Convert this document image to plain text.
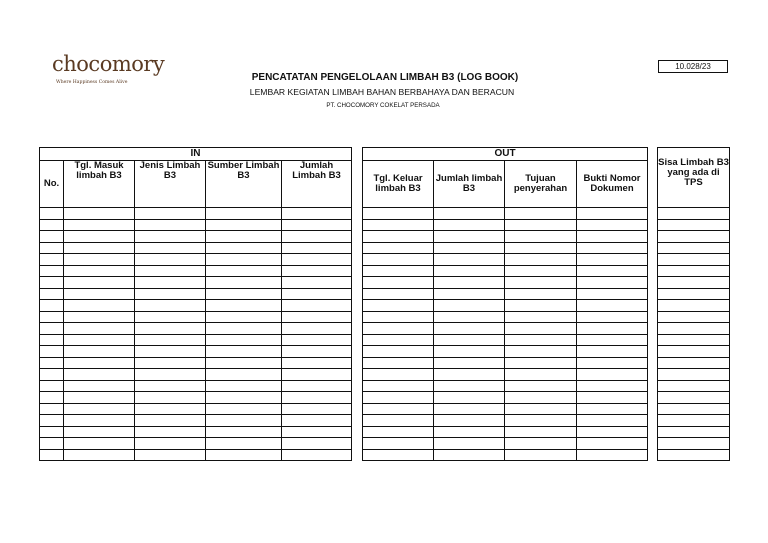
chocomory
Where Happiness Comes Alive
10.028/23
PENCATATAN PENGELOLAAN LIMBAH B3 (LOG BOOK)
LEMBAR KEGIATAN LIMBAH BAHAN BERBAHAYA DAN BERACUN
PT. CHOCOMORY COKELAT PERSADA
IN						OUT					Sisa Limbah B3 yang ada di TPS
No.	Tgl. Masuk limbah B3	Jenis Limbah B3	Sumber Limbah B3	Jumlah Limbah B3		Tgl. Keluar limbah B3	Jumlah limbah B3	Tujuan penyerahan	Bukti Nomor Dokumen		
